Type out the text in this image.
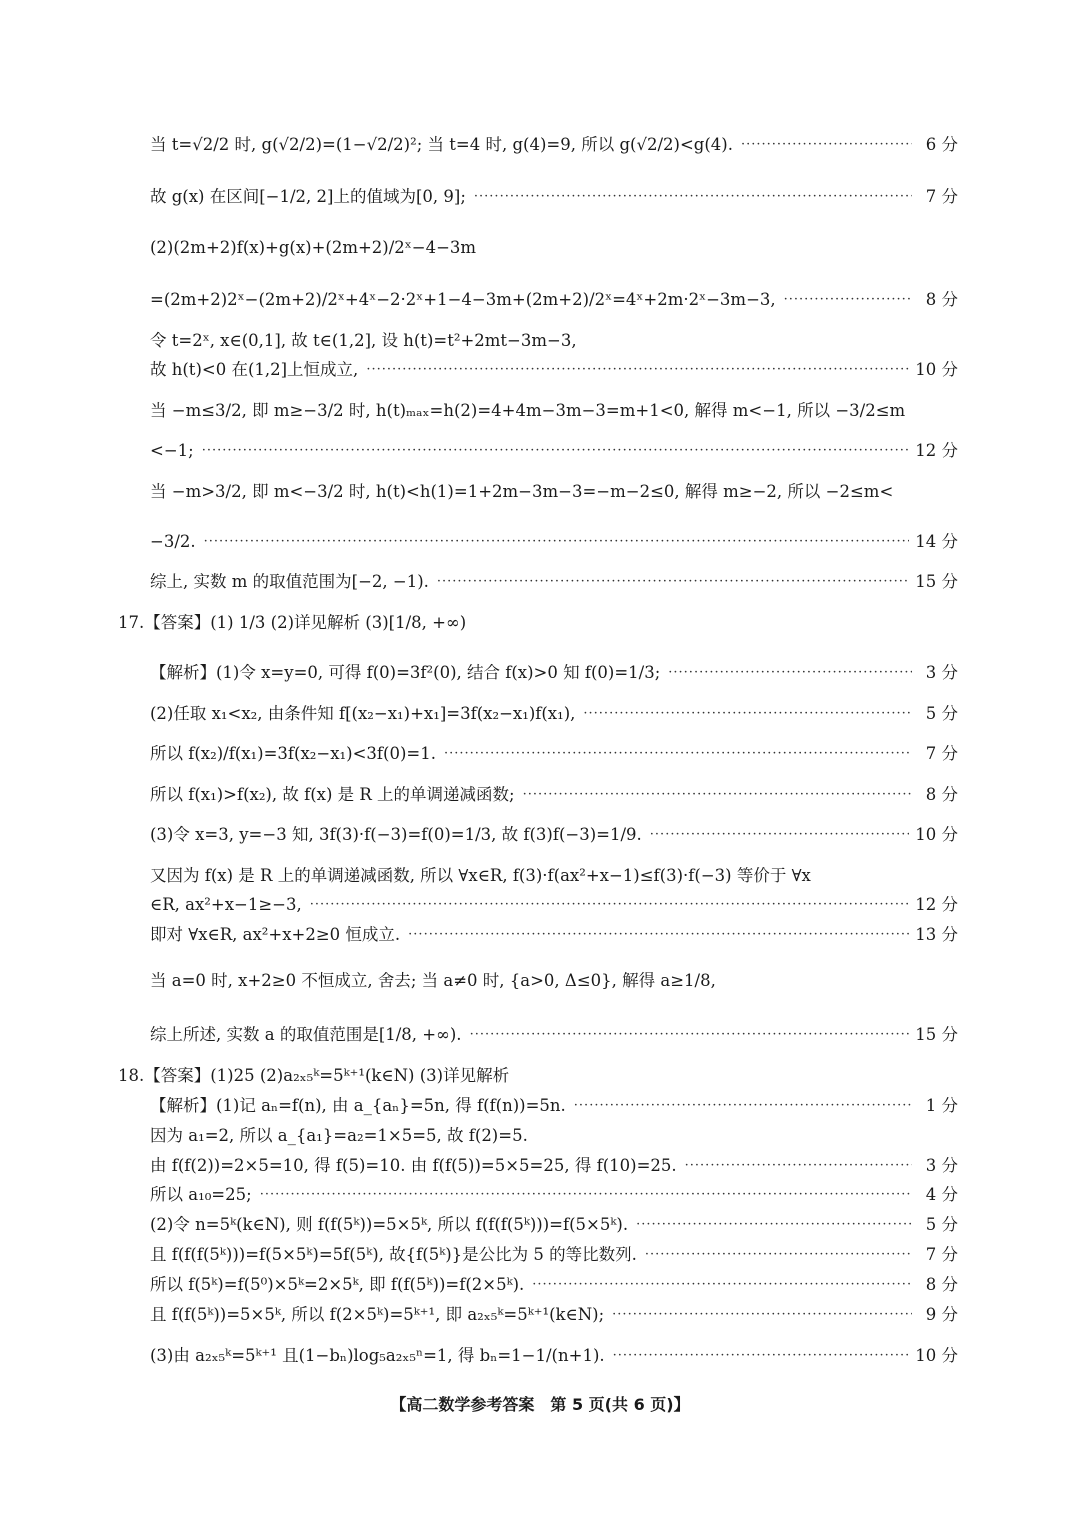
当 t=√2/2 时, g(√2/2)=(1−√2/2)²; 当 t=4 时, g(4)=9, 所以 g(√2/2)<g(4). ·····	6 分
故 g(x) 在区间[−1/2, 2]上的值域为[0, 9]; ·····	7 分
(2)(2m+2)f(x)+g(x)+(2m+2)/2ˣ−4−3m
=(2m+2)2ˣ−(2m+2)/2ˣ+4ˣ−2·2ˣ+1−4−3m+(2m+2)/2ˣ=4ˣ+2m·2ˣ−3m−3, ·····	8 分
令 t=2ˣ, x∈(0,1], 故 t∈(1,2], 设 h(t)=t²+2mt−3m−3,
故 h(t)<0 在(1,2]上恒成立, ·····	10 分
当 −m≤3/2, 即 m≥−3/2 时, h(t)ₘₐₓ=h(2)=4+4m−3m−3=m+1<0, 解得 m<−1, 所以 −3/2≤m
<−1; ·····	12 分
当 −m>3/2, 即 m<−3/2 时, h(t)<h(1)=1+2m−3m−3=−m−2≤0, 解得 m≥−2, 所以 −2≤m<
−3/2. ·····	14 分
综上, 实数 m 的取值范围为[−2, −1). ·····	15 分
17.【答案】(1) 1/3 (2)详见解析 (3)[1/8, +∞)
【解析】(1)令 x=y=0, 可得 f(0)=3f²(0), 结合 f(x)>0 知 f(0)=1/3; ·····	3 分
(2)任取 x₁<x₂, 由条件知 f[(x₂−x₁)+x₁]=3f(x₂−x₁)f(x₁), ·····	5 分
所以 f(x₂)/f(x₁)=3f(x₂−x₁)<3f(0)=1. ·····	7 分
所以 f(x₁)>f(x₂), 故 f(x) 是 R 上的单调递减函数; ·····	8 分
(3)令 x=3, y=−3 知, 3f(3)·f(−3)=f(0)=1/3, 故 f(3)f(−3)=1/9. ·····	10 分
又因为 f(x) 是 R 上的单调递减函数, 所以 ∀x∈R, f(3)·f(ax²+x−1)≤f(3)·f(−3) 等价于 ∀x
∈R, ax²+x−1≥−3, ·····	12 分
即对 ∀x∈R, ax²+x+2≥0 恒成立. ·····	13 分
当 a=0 时, x+2≥0 不恒成立, 舍去; 当 a≠0 时, {a>0, Δ≤0}, 解得 a≥1/8,
综上所述, 实数 a 的取值范围是[1/8, +∞). ·····	15 分
18.【答案】(1)25 (2)a₂ₓ₅ᵏ=5ᵏ⁺¹(k∈N) (3)详见解析
【解析】(1)记 aₙ=f(n), 由 a_{aₙ}=5n, 得 f(f(n))=5n. ·····	1 分
因为 a₁=2, 所以 a_{a₁}=a₂=1×5=5, 故 f(2)=5.
由 f(f(2))=2×5=10, 得 f(5)=10. 由 f(f(5))=5×5=25, 得 f(10)=25. ·····	3 分
所以 a₁₀=25; ·····	4 分
(2)令 n=5ᵏ(k∈N), 则 f(f(5ᵏ))=5×5ᵏ, 所以 f(f(f(5ᵏ)))=f(5×5ᵏ). ·····	5 分
且 f(f(f(5ᵏ)))=f(5×5ᵏ)=5f(5ᵏ), 故{f(5ᵏ)}是公比为 5 的等比数列. ·····	7 分
所以 f(5ᵏ)=f(5⁰)×5ᵏ=2×5ᵏ, 即 f(f(5ᵏ))=f(2×5ᵏ). ·····	8 分
且 f(f(5ᵏ))=5×5ᵏ, 所以 f(2×5ᵏ)=5ᵏ⁺¹, 即 a₂ₓ₅ᵏ=5ᵏ⁺¹(k∈N); ·····	9 分
(3)由 a₂ₓ₅ᵏ=5ᵏ⁺¹ 且(1−bₙ)log₅a₂ₓ₅ⁿ=1, 得 bₙ=1−1/(n+1). ·····	10 分
【高二数学参考答案　第 5 页(共 6 页)】
